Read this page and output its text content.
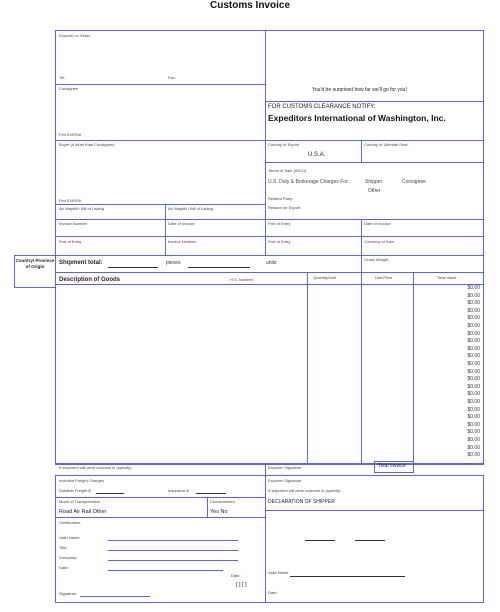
Customs Invoice
Exporter or Seller
Tel:	Fax:
Consignee
Fed ID/IRS#
Buyer (if other than Consignee)
Fed ID/IRS#
You'd be surprised how far we'll go for you!
FOR CUSTOMS CLEARANCE NOTIFY:
Expeditors International of Washington, Inc.
Country of Export	Country of Ultimate Dest.
U.S.A.
Terms of Sale (INCO)
U.S. Duty & Brokerage Charges For:	Shipper	Consignee
Other
Related Party:
Reason for Export:
Air Waybill / Bill of Lading	Air Waybill / Bill of Lading
Invoice Number	Date of Invoice	Port of Entry	Date of Invoice
Port of Entry	Invoice Number	Port of Entry	Currency of Sale
Shipment total:	pieces	units
Gross Weight
Country/ Province of Origin
Description of Goods	H.S. Number	Quantity/Unit	Unit Price	Total Value
$0.00
$0.00
$0.00
$0.00
$0.00
$0.00
$0.00
$0.00
$0.00
$0.00
$0.00
$0.00
$0.00
$0.00
$0.00
$0.00
$0.00
$0.00
$0.00
$0.00
$0.00
$0.00
$0.00
If shipment will clear customs in (specify)	Exporter Signature	Total Invoice
Included Freight Charges
Dutiable Freight $	Insurance $
Mode of Transportation
Road Air Rail Other
Containerized
Yes No
Certification:
Valid Name:
Title:
Company:
Date:
Signature:
Date:
[ ] [ ]
Exporter Signature
If shipment will clear customs in (specify)
DECLARATION OF SHIPPER
Valid Name:
Date:
